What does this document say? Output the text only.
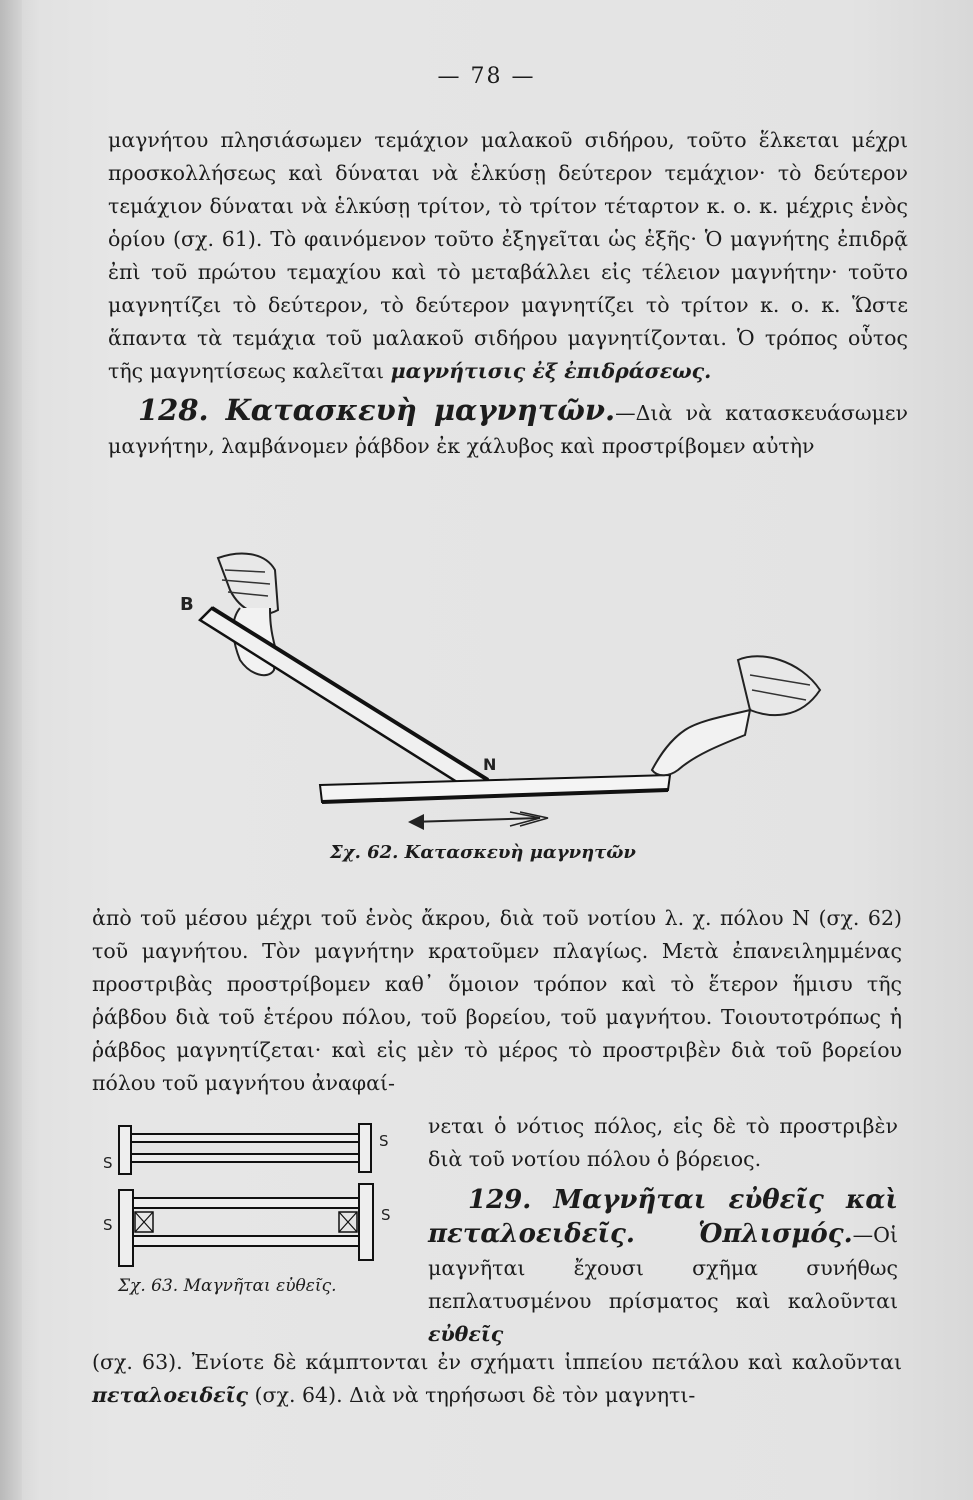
— 78 —

μαγνήτου πλησιάσωμεν τεμάχιον μαλακοῦ σιδήρου, τοῦτο ἕλκεται μέχρι προσκολλήσεως καὶ δύναται νὰ ἑλκύσῃ δεύτερον τεμάχιον· τὸ δεύτερον τεμάχιον δύναται νὰ ἑλκύσῃ τρίτον, τὸ τρίτον τέταρτον κ. ο. κ. μέχρις ἑνὸς ὁρίου (σχ. 61). Τὸ φαινόμενον τοῦτο ἐξηγεῖται ὡς ἑξῆς· Ὁ μαγνήτης ἐπιδρᾷ ἐπὶ τοῦ πρώτου τεμαχίου καὶ τὸ μεταβάλλει εἰς τέλειον μαγνήτην· τοῦτο μαγνητίζει τὸ δεύτερον, τὸ δεύτερον μαγνητίζει τὸ τρίτον κ. ο. κ. Ὥστε ἅπαντα τὰ τεμάχια τοῦ μαλακοῦ σιδήρου μαγνητίζονται. Ὁ τρόπος οὗτος τῆς μαγνητίσεως καλεῖται μαγνήτισις ἐξ ἐπιδράσεως.

128. Κατασκευὴ μαγνητῶν.—Διὰ νὰ κατασκευάσωμεν μαγνήτην, λαμβάνομεν ῥάβδον ἐκ χάλυβος καὶ προστρίβομεν αὐτὴν

B
N
Σχ. 62. Κατασκευὴ μαγνητῶν

ἀπὸ τοῦ μέσου μέχρι τοῦ ἑνὸς ἄκρου, διὰ τοῦ νοτίου λ. χ. πόλου N (σχ. 62) τοῦ μαγνήτου. Τὸν μαγνήτην κρατοῦμεν πλαγίως. Μετὰ ἐπανειλημμένας προστριβὰς προστρίβομεν καθ᾽ ὅμοιον τρόπον καὶ τὸ ἕτερον ἥμισυ τῆς ῥάβδου διὰ τοῦ ἑτέρου πόλου, τοῦ βορείου, τοῦ μαγνήτου. Τοιουτοτρόπως ἡ ῥάβδος μαγνητίζεται· καὶ εἰς μὲν τὸ μέρος τὸ προστριβὲν διὰ τοῦ βορείου πόλου τοῦ μαγνήτου ἀναφαί-

S
S
S
S
Σχ. 63. Μαγνῆται εὐθεῖς.

νεται ὁ νότιος πόλος, εἰς δὲ τὸ προστριβὲν διὰ τοῦ νοτίου πόλου ὁ βόρειος.

129. Μαγνῆται εὐθεῖς καὶ πεταλοειδεῖς. Ὁπλισμός.—Οἱ μαγνῆται ἔχουσι σχῆμα συνήθως πεπλατυσμένου πρίσματος καὶ καλοῦνται εὐθεῖς

(σχ. 63). Ἐνίοτε δὲ κάμπτονται ἐν σχήματι ἱππείου πετάλου καὶ καλοῦνται πεταλοειδεῖς (σχ. 64). Διὰ νὰ τηρήσωσι δὲ τὸν μαγνητι-
